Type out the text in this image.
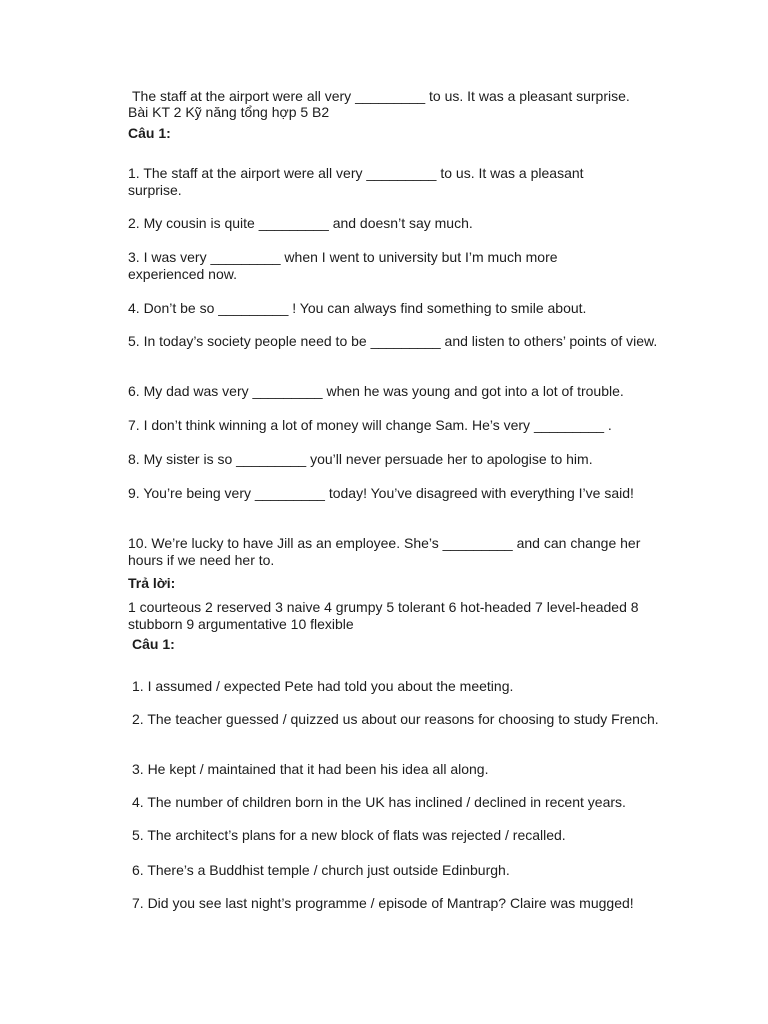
The staff at the airport were all very _________ to us. It was a pleasant surprise.
Bài KT 2 Kỹ năng tổng hợp 5 B2
Câu 1:
1. The staff at the airport were all very _________ to us. It was a pleasant surprise.
2. My cousin is quite _________ and doesn’t say much.
3. I was very _________ when I went to university but I’m much more experienced now.
4. Don’t be so _________ ! You can always find something to smile about.
5. In today’s society people need to be _________ and listen to others’ points of view.
6. My dad was very _________ when he was young and got into a lot of trouble.
7. I don’t think winning a lot of money will change Sam. He’s very _________ .
8. My sister is so _________ you’ll never persuade her to apologise to him.
9. You’re being very _________ today! You’ve disagreed with everything I’ve said!
10. We’re lucky to have Jill as an employee. She’s _________ and can change her hours if we need her to.
Trả lời:
1 courteous 2 reserved 3 naive 4 grumpy 5 tolerant 6 hot-headed 7 level-headed 8 stubborn 9 argumentative 10 flexible
Câu 1:
1. I assumed / expected Pete had told you about the meeting.
2. The teacher guessed / quizzed us about our reasons for choosing to study French.
3. He kept / maintained that it had been his idea all along.
4. The number of children born in the UK has inclined / declined in recent years.
5. The architect’s plans for a new block of flats was rejected / recalled.
6. There’s a Buddhist temple / church just outside Edinburgh.
7. Did you see last night’s programme / episode of Mantrap? Claire was mugged!
